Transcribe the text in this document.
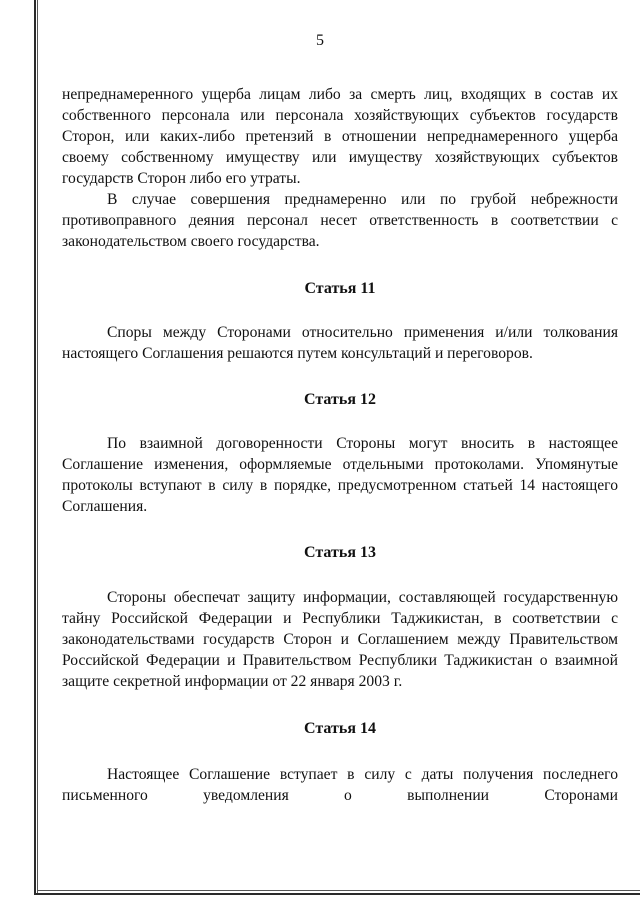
5

непреднамеренного ущерба лицам либо за смерть лиц, входящих в состав их собственного персонала или персонала хозяйствующих субъектов государств Сторон, или каких-либо претензий в отношении непреднамеренного ущерба своему собственному имуществу или имуществу хозяйствующих субъектов государств Сторон либо его утраты.

В случае совершения преднамеренно или по грубой небрежности противоправного деяния персонал несет ответственность в соответствии с законодательством своего государства.

Статья 11

Споры между Сторонами относительно применения и/или толкования настоящего Соглашения решаются путем консультаций и переговоров.

Статья 12

По взаимной договоренности Стороны могут вносить в настоящее Соглашение изменения, оформляемые отдельными протоколами. Упомянутые протоколы вступают в силу в порядке, предусмотренном статьей 14 настоящего Соглашения.

Статья 13

Стороны обеспечат защиту информации, составляющей государственную тайну Российской Федерации и Республики Таджикистан, в соответствии с законодательствами государств Сторон и Соглашением между Правительством Российской Федерации и Правительством Республики Таджикистан о взаимной защите секретной информации от 22 января 2003 г.

Статья 14

Настоящее Соглашение вступает в силу с даты получения последнего письменного уведомления о выполнении Сторонами
